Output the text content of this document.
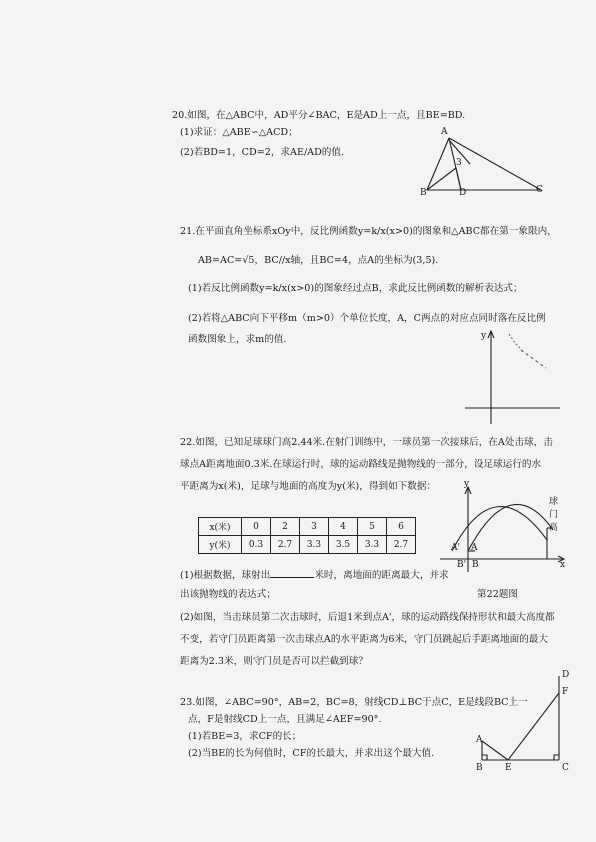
20.如图，在△ABC中，AD平分∠BAC，E是AD上一点，且BE=BD.
(1)求证：△ABE∽△ACD；
(2)若BD=1，CD=2，求AE/AD的值.
A
B	D	C
3
21.在平面直角坐标系xOy中，反比例函数y=k/x(x>0)的图象和△ABC都在第一象限内，
AB=AC=√5，BC//x轴，且BC=4，点A的坐标为(3,5).
(1)若反比例函数y=k/x(x>0)的图象经过点B，求此反比例函数的解析表达式；
(2)若将△ABC向下平移m（m>0）个单位长度，A，C两点的对应点同时落在反比例
函数图象上，求m的值.	y
22.如图，已知足球球门高2.44米.在射门训练中，一球员第一次接球后，在A处击球，击
球点A距离地面0.3米.在球运行时，球的运动路线是抛物线的一部分，设足球运行的水
平距离为x(米)，足球与地面的高度为y(米)，得到如下数据：
x(米)	0	2	3	4	5	6
y(米)	0.3	2.7	3.3	3.5	3.3	2.7
(1)根据数据，球射出	米时，离地面的距离最大，并求
出该抛物线的表达式；	第22题图
(2)如图，当击球员第二次击球时，后退1米到点A'，球的运动路线保持形状和最大高度都
不变，若守门员距离第一次击球点A的水平距离为6米，守门员跳起后手距离地面的最大
距离为2.3米，则守门员是否可以拦截到球？
y
x
A' A
B' B
球门高
23.如图，∠ABC=90°，AB=2，BC=8，射线CD⊥BC于点C，E是线段BC上一
点，F是射线CD上一点，且满足∠AEF=90°.
(1)若BE=3，求CF的长；
(2)当BE的长为何值时，CF的长最大，并求出这个最大值.
A
B E	C
D
F
